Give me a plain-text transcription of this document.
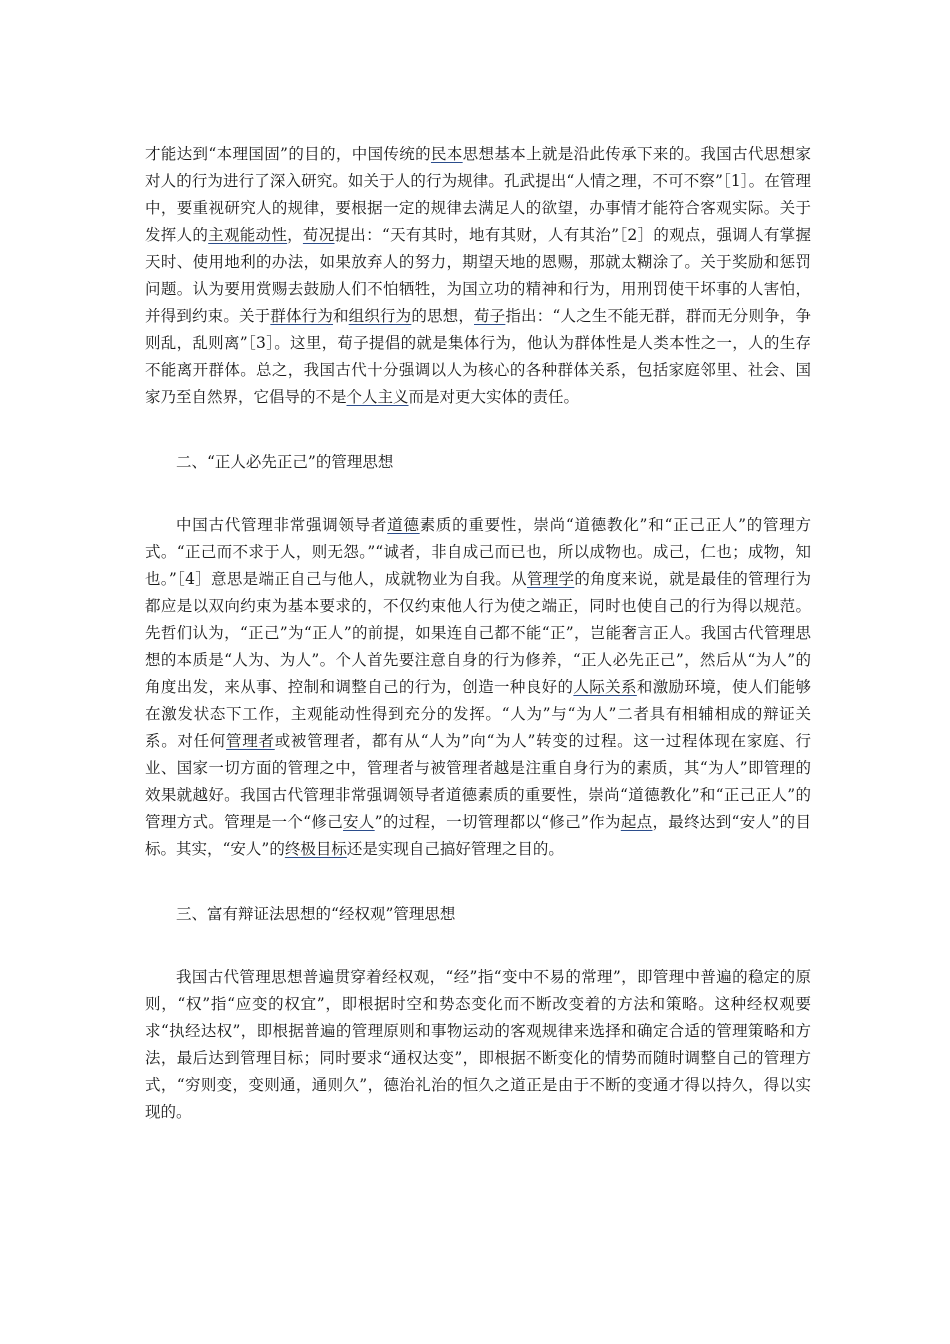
才能达到“本理国固”的目的，中国传统的民本思想基本上就是沿此传承下来的。我国古代思想家对人的行为进行了深入研究。如关于人的行为规律。孔武提出“人情之理，不可不察”［1］。在管理中，要重视研究人的规律，要根据一定的规律去满足人的欲望，办事情才能符合客观实际。关于发挥人的主观能动性，荀况提出：“天有其时，地有其财，人有其治”［2］的观点，强调人有掌握天时、使用地利的办法，如果放弃人的努力，期望天地的恩赐，那就太糊涂了。关于奖励和惩罚问题。认为要用赏赐去鼓励人们不怕牺牲，为国立功的精神和行为，用刑罚使干坏事的人害怕，并得到约束。关于群体行为和组织行为的思想，荀子指出：“人之生不能无群，群而无分则争，争则乱，乱则离”［3］。这里，荀子提倡的就是集体行为，他认为群体性是人类本性之一，人的生存不能离开群体。总之，我国古代十分强调以人为核心的各种群体关系，包括家庭邻里、社会、国家乃至自然界，它倡导的不是个人主义而是对更大实体的责任。

二、“正人必先正己”的管理思想

中国古代管理非常强调领导者道德素质的重要性，崇尚“道德教化”和“正己正人”的管理方式。“正己而不求于人，则无怨。”“诚者，非自成己而已也，所以成物也。成己，仁也；成物，知也。”［4］意思是端正自己与他人，成就物业为自我。从管理学的角度来说，就是最佳的管理行为都应是以双向约束为基本要求的，不仅约束他人行为使之端正，同时也使自己的行为得以规范。先哲们认为，“正己”为“正人”的前提，如果连自己都不能“正”，岂能奢言正人。我国古代管理思想的本质是“人为、为人”。个人首先要注意自身的行为修养，“正人必先正己”，然后从“为人”的角度出发，来从事、控制和调整自己的行为，创造一种良好的人际关系和激励环境，使人们能够在激发状态下工作，主观能动性得到充分的发挥。“人为”与“为人”二者具有相辅相成的辩证关系。对任何管理者或被管理者，都有从“人为”向“为人”转变的过程。这一过程体现在家庭、行业、国家一切方面的管理之中，管理者与被管理者越是注重自身行为的素质，其“为人”即管理的效果就越好。我国古代管理非常强调领导者道德素质的重要性，崇尚“道德教化”和“正己正人”的管理方式。管理是一个“修己安人”的过程，一切管理都以“修己”作为起点，最终达到“安人”的目标。其实，“安人”的终极目标还是实现自己搞好管理之目的。

三、富有辩证法思想的“经权观”管理思想

我国古代管理思想普遍贯穿着经权观，“经”指“变中不易的常理”，即管理中普遍的稳定的原则，“权”指“应变的权宜”，即根据时空和势态变化而不断改变着的方法和策略。这种经权观要求“执经达权”，即根据普遍的管理原则和事物运动的客观规律来选择和确定合适的管理策略和方法，最后达到管理目标；同时要求“通权达变”，即根据不断变化的情势而随时调整自己的管理方式，“穷则变，变则通，通则久”，德治礼治的恒久之道正是由于不断的变通才得以持久，得以实现的。
